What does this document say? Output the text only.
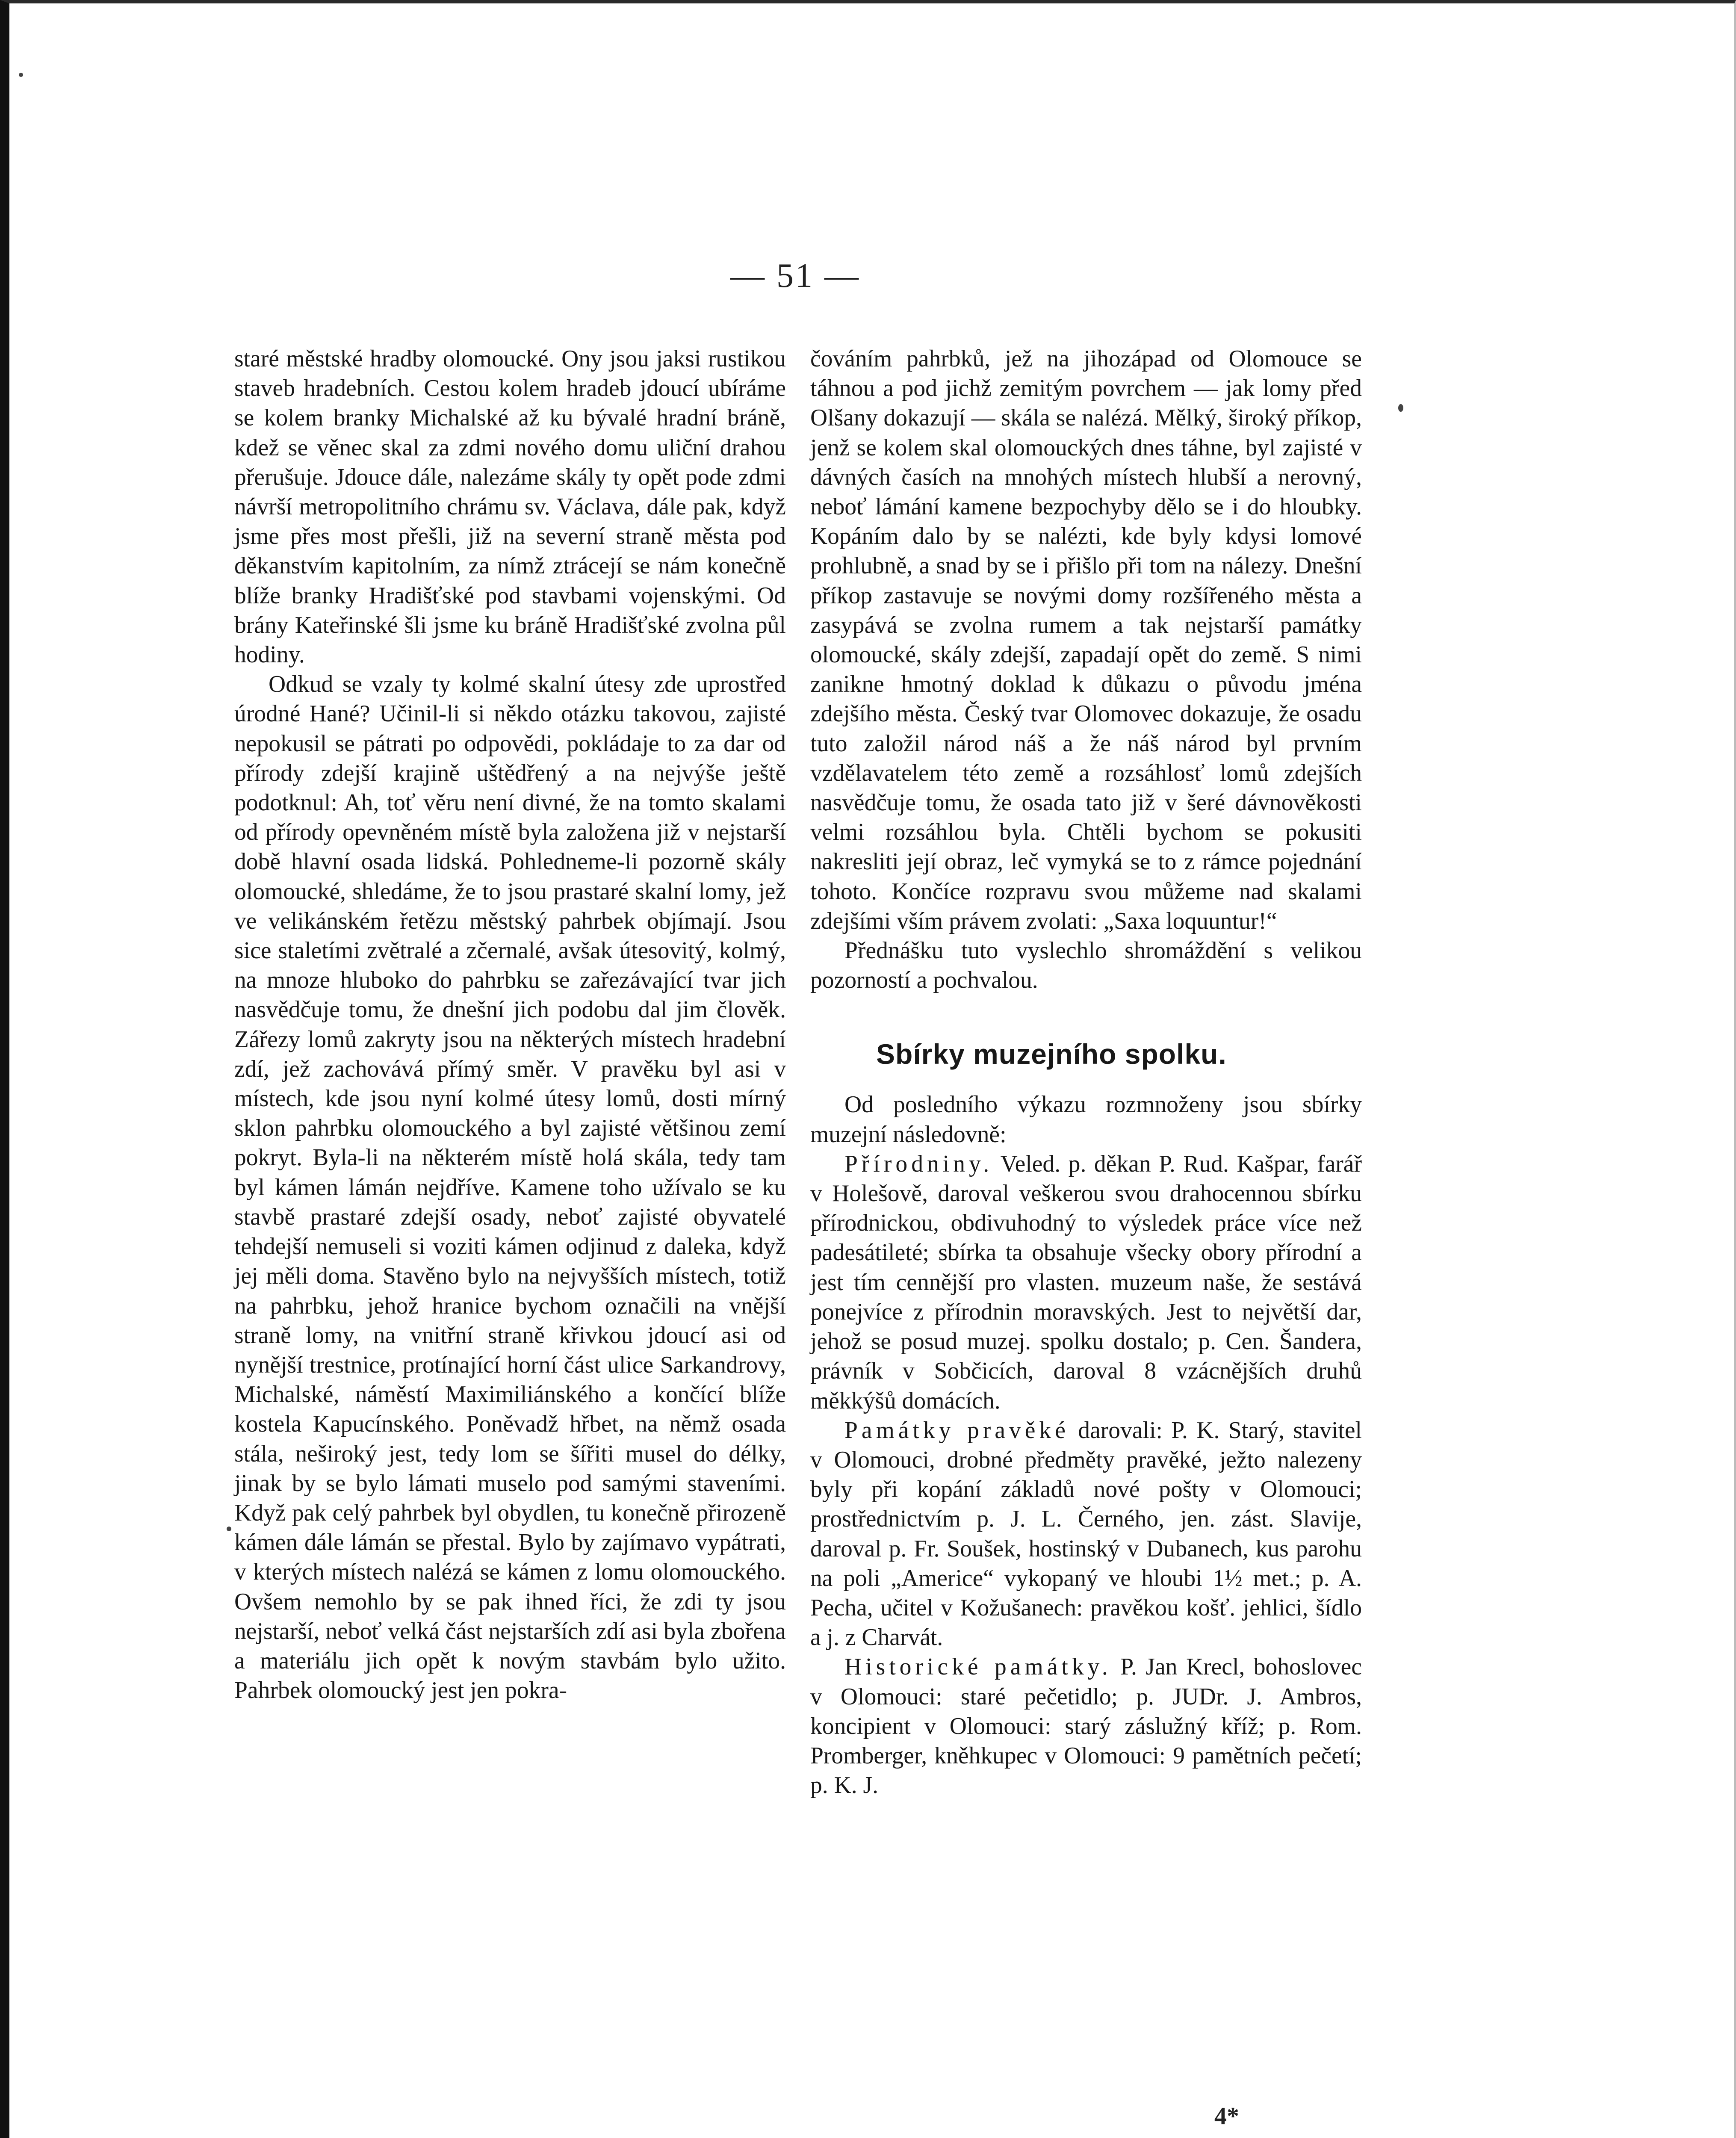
— 51 —

staré městské hradby olomoucké. Ony jsou jaksi rustikou staveb hradebních. Cestou kolem hradeb jdoucí ubíráme se kolem branky Michalské až ku bývalé hradní bráně, kdež se věnec skal za zdmi nového domu uliční drahou přerušuje. Jdouce dále, nalezáme skály ty opět pode zdmi návrší metropolitního chrámu sv. Václava, dále pak, když jsme přes most přešli, již na severní straně města pod děkanstvím kapitolním, za nímž ztrácejí se nám konečně blíže branky Hradišťské pod stavbami vojenskými. Od brány Kateřinské šli jsme ku bráně Hradišťské zvolna půl hodiny.

Odkud se vzaly ty kolmé skalní útesy zde uprostřed úrodné Hané? Učinil-li si někdo otázku takovou, zajisté nepokusil se pátrati po odpovědi, pokládaje to za dar od přírody zdejší krajině uštědřený a na nejvýše ještě podotknul: Ah, toť věru není divné, že na tomto skalami od přírody opevněném místě byla založena již v nejstarší době hlavní osada lidská. Pohledneme-li pozorně skály olomoucké, shledáme, že to jsou prastaré skalní lomy, jež ve velikánském řetězu městský pahrbek objímají. Jsou sice staletími zvětralé a zčernalé, avšak útesovitý, kolmý, na mnoze hluboko do pahrbku se zařezávající tvar jich nasvědčuje tomu, že dnešní jich podobu dal jim člověk. Zářezy lomů zakryty jsou na některých místech hradební zdí, jež zachovává přímý směr. V pravěku byl asi v místech, kde jsou nyní kolmé útesy lomů, dosti mírný sklon pahrbku olomouckého a byl zajisté většinou zemí pokryt. Byla-li na některém místě holá skála, tedy tam byl kámen lámán nejdříve. Kamene toho užívalo se ku stavbě prastaré zdejší osady, neboť zajisté obyvatelé tehdejší nemuseli si voziti kámen odjinud z daleka, když jej měli doma. Stavěno bylo na nejvyšších místech, totiž na pahrbku, jehož hranice bychom označili na vnější straně lomy, na vnitřní straně křivkou jdoucí asi od nynější trestnice, protínající horní část ulice Sarkandrovy, Michalské, náměstí Maximiliánského a končící blíže kostela Kapucínského. Poněvadž hřbet, na němž osada stála, neširoký jest, tedy lom se šířiti musel do délky, jinak by se bylo lámati muselo pod samými staveními. Když pak celý pahrbek byl obydlen, tu konečně přirozeně kámen dále lámán se přestal. Bylo by zajímavo vypátrati, v kterých místech nalézá se kámen z lomu olomouckého. Ovšem nemohlo by se pak ihned říci, že zdi ty jsou nejstarší, neboť velká část nejstarších zdí asi byla zbořena a materiálu jich opět k novým stavbám bylo užito. Pahrbek olomoucký jest jen pokra-

čováním pahrbků, jež na jihozápad od Olomouce se táhnou a pod jichž zemitým povrchem — jak lomy před Olšany dokazují — skála se nalézá. Mělký, široký příkop, jenž se kolem skal olomouckých dnes táhne, byl zajisté v dávných časích na mnohých místech hlubší a nerovný, neboť lámání kamene bezpochyby dělo se i do hloubky. Kopáním dalo by se nalézti, kde byly kdysi lomové prohlubně, a snad by se i přišlo při tom na nálezy. Dnešní příkop zastavuje se novými domy rozšířeného města a zasypává se zvolna rumem a tak nejstarší památky olomoucké, skály zdejší, zapadají opět do země. S nimi zanikne hmotný doklad k důkazu o původu jména zdejšího města. Český tvar Olomovec dokazuje, že osadu tuto založil národ náš a že náš národ byl prvním vzdělavatelem této země a rozsáhlosť lomů zdejších nasvědčuje tomu, že osada tato již v šeré dávnověkosti velmi rozsáhlou byla. Chtěli bychom se pokusiti nakresliti její obraz, leč vymyká se to z rámce pojednání tohoto. Končíce rozpravu svou můžeme nad skalami zdejšími vším právem zvolati: „Saxa loquuntur!“

Přednášku tuto vyslechlo shromáždění s velikou pozorností a pochvalou.

Sbírky muzejního spolku.

Od posledního výkazu rozmnoženy jsou sbírky muzejní následovně:

Přírodniny. Veled. p. děkan P. Rud. Kašpar, farář v Holešově, daroval veškerou svou drahocennou sbírku přírodnickou, obdivuhodný to výsledek práce více než padesátileté; sbírka ta obsahuje všecky obory přírodní a jest tím cennější pro vlasten. muzeum naše, že sestává ponejvíce z přírodnin moravských. Jest to největší dar, jehož se posud muzej. spolku dostalo; p. Cen. Šandera, právník v Sobčicích, daroval 8 vzácnějších druhů měkkýšů domácích.

Památky pravěké darovali: P. K. Starý, stavitel v Olomouci, drobné předměty pravěké, ježto nalezeny byly při kopání základů nové pošty v Olomouci; prostřednictvím p. J. L. Černého, jen. zást. Slavije, daroval p. Fr. Soušek, hostinský v Dubanech, kus parohu na poli „Americe“ vykopaný ve hloubi 1½ met.; p. A. Pecha, učitel v Kožušanech: pravěkou košť. jehlici, šídlo a j. z Charvát.

Historické památky. P. Jan Krecl, bohoslovec v Olomouci: staré pečetidlo; p. JUDr. J. Ambros, koncipient v Olomouci: starý záslužný kříž; p. Rom. Promberger, kněhkupec v Olomouci: 9 pamětních pečetí; p. K. J.

4*
